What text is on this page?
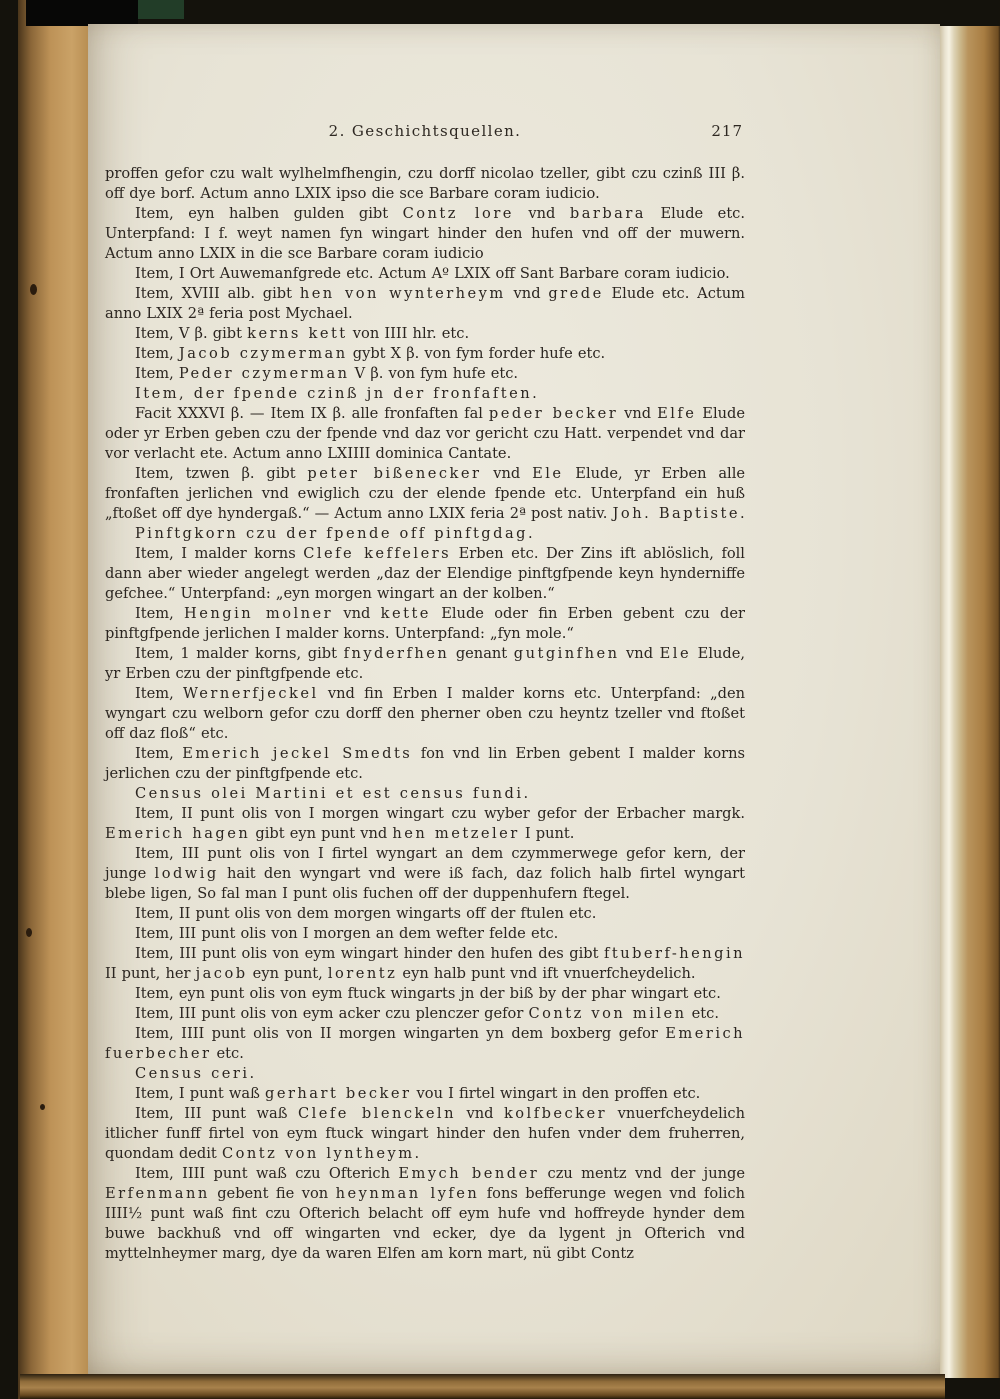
2. Geschichtsquellen.	217

proffen gefor czu walt wylhelmfhengin, czu dorff nicolao tzeller, gibt czu czinß III β. off dye borf. Actum anno LXIX ipso die sce Barbare coram iudicio.

Item, eyn halben gulden gibt Contz lore vnd barbara Elude etc. Unterpfand: I f. weyt namen fyn wingart hinder den hufen vnd off der muwern. Actum anno LXIX in die sce Barbare coram iudicio

Item, I Ort Auwemanfgrede etc. Actum Aº LXIX off Sant Barbare coram iudicio.

Item, XVIII alb. gibt hen von wynterheym vnd grede Elude etc. Actum anno LXIX 2ª feria post Mychael.

Item, V β. gibt kerns kett von IIII hlr. etc.

Item, Jacob czymerman gybt X β. von fym forder hufe etc.

Item, Peder czymerman V β. von fym hufe etc.

Item, der fpende czinß jn der fronfaften.

Facit XXXVI β. — Item IX β. alle fronfaften fal peder becker vnd Elfe Elude oder yr Erben geben czu der fpende vnd daz vor gericht czu Hatt. verpendet vnd dar vor verlacht ete. Actum anno LXIIII dominica Cantate.

Item, tzwen β. gibt peter bißenecker vnd Ele Elude, yr Erben alle fronfaften jerlichen vnd ewiglich czu der elende fpende etc. Unterpfand ein huß „ftoßet off dye hyndergaß.“ — Actum anno LXIX feria 2ª post nativ. Joh. Baptiste.

Pinftgkorn czu der fpende off pinftgdag.

Item, I malder korns Clefe keffelers Erben etc. Der Zins ift ablöslich, foll dann aber wieder angelegt werden „daz der Elendige pinftgfpende keyn hynderniffe gefchee.“ Unterpfand: „eyn morgen wingart an der kolben.“

Item, Hengin molner vnd kette Elude oder fin Erben gebent czu der pinftgfpende jerlichen I malder korns. Unterpfand: „fyn mole.“

Item, 1 malder korns, gibt fnyderfhen genant gutginfhen vnd Ele Elude, yr Erben czu der pinftgfpende etc.

Item, Wernerfjeckel vnd fin Erben I malder korns etc. Unterpfand: „den wyngart czu welborn gefor czu dorff den pherner oben czu heyntz tzeller vnd ftoßet off daz floß“ etc.

Item, Emerich jeckel Smedts fon vnd lin Erben gebent I malder korns jerlichen czu der pinftgfpende etc.

Census olei Martini et est census fundi.

Item, II punt olis von I morgen wingart czu wyber gefor der Erbacher margk. Emerich hagen gibt eyn punt vnd hen metzeler I punt.

Item, III punt olis von I firtel wyngart an dem czymmerwege gefor kern, der junge lodwig hait den wyngart vnd were iß fach, daz folich halb firtel wyngart blebe ligen, So fal man I punt olis fuchen off der duppenhufern ftegel.

Item, II punt olis von dem morgen wingarts off der ftulen etc.

Item, III punt olis von I morgen an dem wefter felde etc.

Item, III punt olis von eym wingart hinder den hufen des gibt ftuberf-hengin II punt, her jacob eyn punt, lorentz eyn halb punt vnd ift vnuerfcheydelich.

Item, eyn punt olis von eym ftuck wingarts jn der biß by der phar wingart etc.

Item, III punt olis von eym acker czu plenczer gefor Contz von milen etc.

Item, IIII punt olis von II morgen wingarten yn dem boxberg gefor Emerich fuerbecher etc.

Census ceri.

Item, I punt waß gerhart becker vou I firtel wingart in den proffen etc.

Item, III punt waß Clefe blenckeln vnd kolfbecker vnuerfcheydelich itlicher funff firtel von eym ftuck wingart hinder den hufen vnder dem fruherren, quondam dedit Contz von lyntheym.

Item, IIII punt waß czu Ofterich Emych bender czu mentz vnd der junge Erfenmann gebent fie von heynman lyfen fons befferunge wegen vnd folich IIII½ punt waß fint czu Ofterich belacht off eym hufe vnd hoffreyde hynder dem buwe backhuß vnd off wingarten vnd ecker, dye da lygent jn Ofterich vnd myttelnheymer marg, dye da waren Elfen am korn mart, nü gibt Contz
